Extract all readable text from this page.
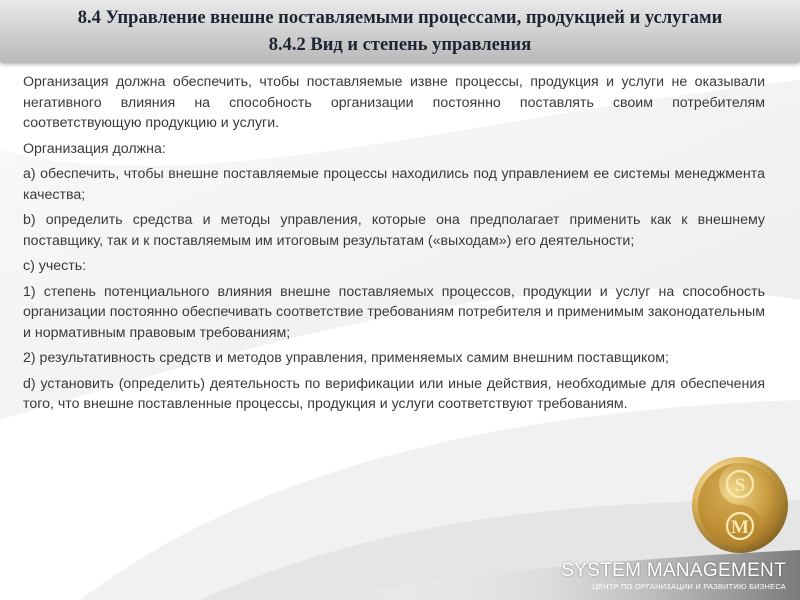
8.4 Управление внешне поставляемыми процессами, продукцией и услугами
8.4.2 Вид и степень управления

Организация должна обеспечить, чтобы поставляемые извне процессы, продукция и услуги не оказывали негативного влияния на способность организации постоянно поставлять своим потребителям соответствующую продукцию и услуги.

Организация должна:

a) обеспечить, чтобы внешне поставляемые процессы находились под управлением ее системы менеджмента качества;

b) определить средства и методы управления, которые она предполагает применить как к внешнему поставщику, так и к поставляемым им итоговым результатам («выходам») его деятельности;

c) учесть:

1) степень потенциального влияния внешне поставляемых процессов, продукции и услуг на способность организации постоянно обеспечивать соответствие требованиям потребителя и применимым законодательным и нормативным правовым требованиям;

2) результативность средств и методов управления, применяемых самим внешним поставщиком;

d) установить (определить) деятельность по верификации или иные действия, необходимые для обеспечения того, что внешне поставленные процессы, продукция и услуги соответствуют требованиям.

S
M
SYSTEM MANAGEMENT
ЦЕНТР ПО ОРГАНИЗАЦИИ И РАЗВИТИЮ БИЗНЕСА
